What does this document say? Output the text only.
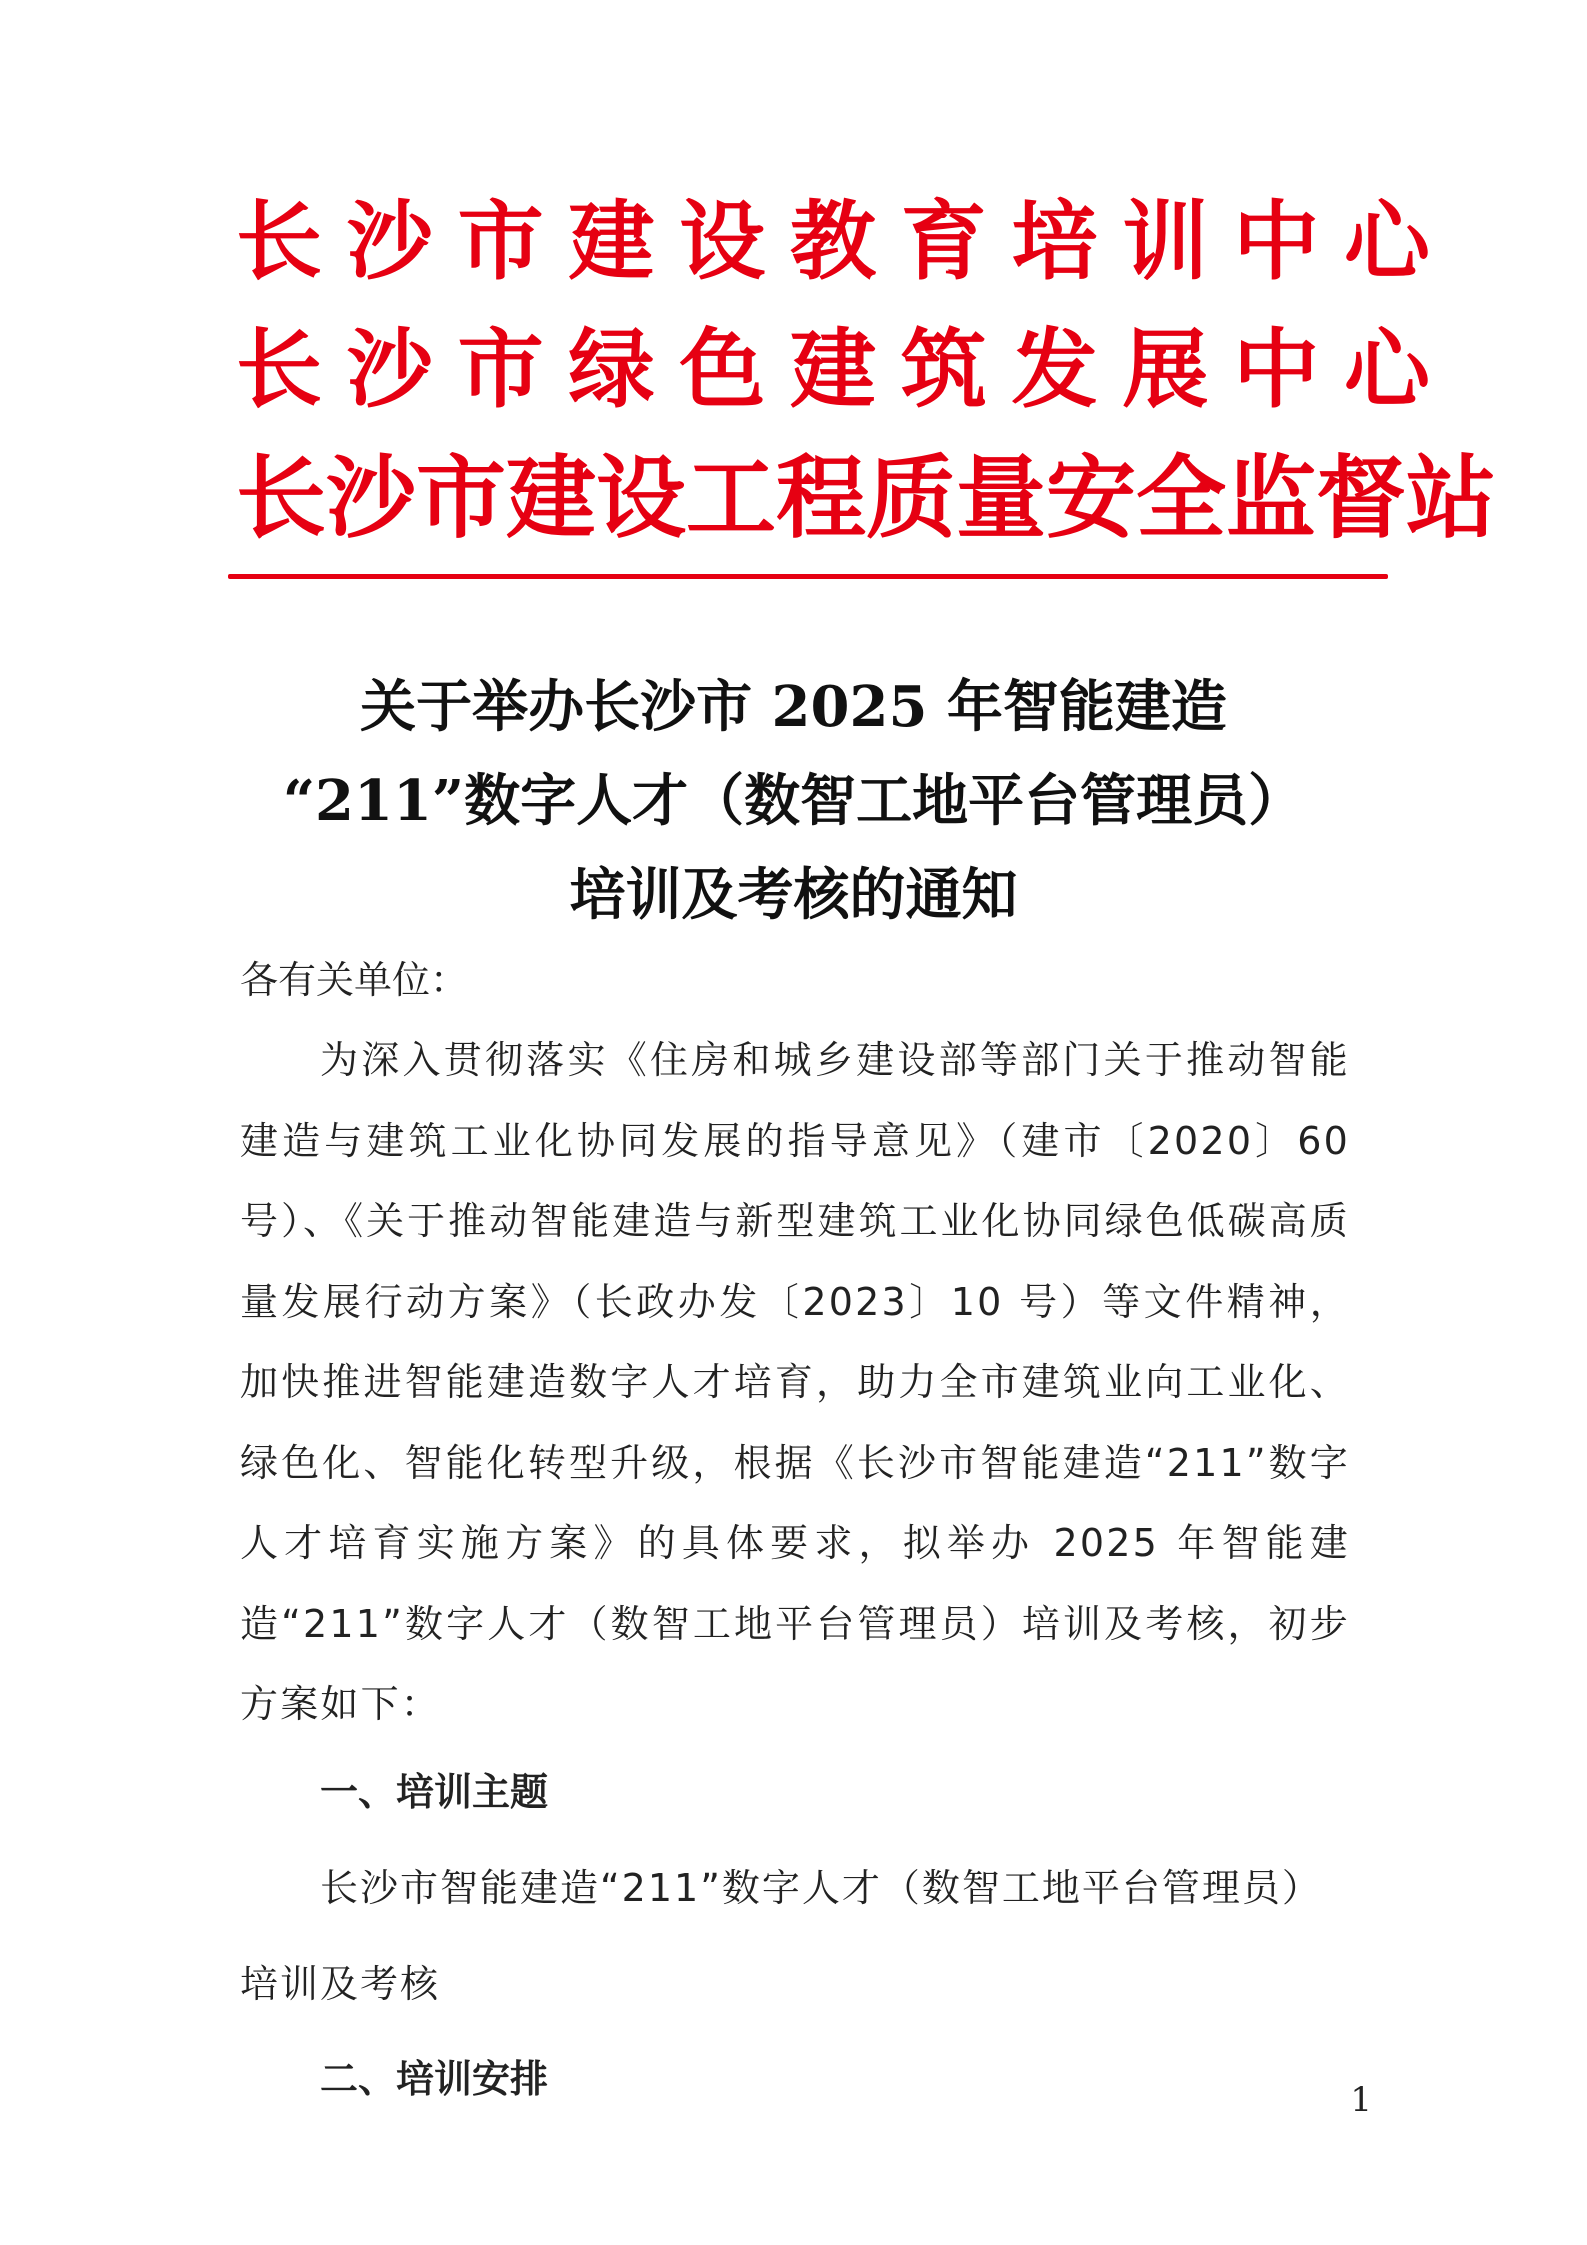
长沙市建设教育培训中心
长沙市绿色建筑发展中心
长沙市建设工程质量安全监督站
关于举办长沙市 2025 年智能建造
“211”数字人才（数智工地平台管理员）
培训及考核的通知
各有关单位：

为深入贯彻落实《住房和城乡建设部等部门关于推动智能建造与建筑工业化协同发展的指导意见》（建市〔2020〕60 号）、《关于推动智能建造与新型建筑工业化协同绿色低碳高质量发展行动方案》（长政办发〔2023〕10 号）等文件精神，加快推进智能建造数字人才培育，助力全市建筑业向工业化、绿色化、智能化转型升级，根据《长沙市智能建造“211”数字人才培育实施方案》的具体要求，拟举办 2025 年智能建造“211”数字人才（数智工地平台管理员）培训及考核，初步方案如下：

一、培训主题

长沙市智能建造“211”数字人才（数智工地平台管理员）培训及考核

二、培训安排	1
